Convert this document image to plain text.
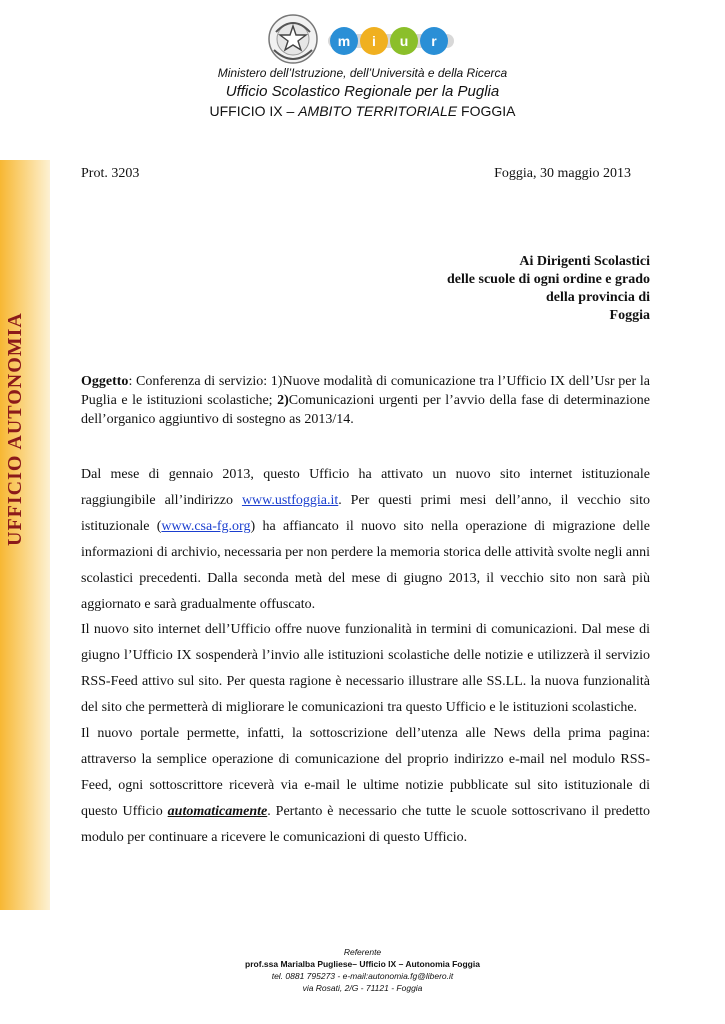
UFFICIO AUTONOMIA
m i u r
Ministero dell’Istruzione, dell’Università e della Ricerca
Ufficio Scolastico Regionale per la Puglia
UFFICIO IX – AMBITO TERRITORIALE FOGGIA
Prot. 3203	Foggia, 30 maggio 2013
Ai Dirigenti Scolastici
delle scuole di ogni ordine e grado
della provincia di
Foggia
Oggetto: Conferenza di servizio: 1)Nuove modalità di comunicazione tra l’Ufficio IX dell’Usr per la Puglia e le istituzioni scolastiche; 2)Comunicazioni urgenti per l’avvio della fase di determinazione dell’organico aggiuntivo di sostegno as 2013/14.

Dal mese di gennaio 2013, questo Ufficio ha attivato un nuovo sito internet istituzionale raggiungibile all’indirizzo www.ustfoggia.it. Per questi primi mesi dell’anno, il vecchio sito istituzionale (www.csa-fg.org) ha affiancato il nuovo sito nella operazione di migrazione delle informazioni di archivio, necessaria per non perdere la memoria storica delle attività svolte negli anni scolastici precedenti. Dalla seconda metà del mese di giugno 2013, il vecchio sito non sarà più aggiornato e sarà gradualmente offuscato.

Il nuovo sito internet dell’Ufficio offre nuove funzionalità in termini di comunicazioni. Dal mese di giugno l’Ufficio IX sospenderà l’invio alle istituzioni scolastiche delle notizie e utilizzerà il servizio RSS-Feed attivo sul sito. Per questa ragione è necessario illustrare alle SS.LL. la nuova funzionalità del sito che permetterà di migliorare le comunicazioni tra questo Ufficio e le istituzioni scolastiche.

Il nuovo portale permette, infatti, la sottoscrizione dell’utenza alle News della prima pagina: attraverso la semplice operazione di comunicazione del proprio indirizzo e-mail nel modulo RSS-Feed, ogni sottoscrittore riceverà via e-mail le ultime notizie pubblicate sul sito istituzionale di questo Ufficio automaticamente. Pertanto è necessario che tutte le scuole sottoscrivano il predetto modulo per continuare a ricevere le comunicazioni di questo Ufficio.

Referente
prof.ssa Marialba Pugliese– Ufficio IX – Autonomia Foggia
tel. 0881 795273 - e-mail:autonomia.fg@libero.it
via Rosati, 2/G - 71121 - Foggia
